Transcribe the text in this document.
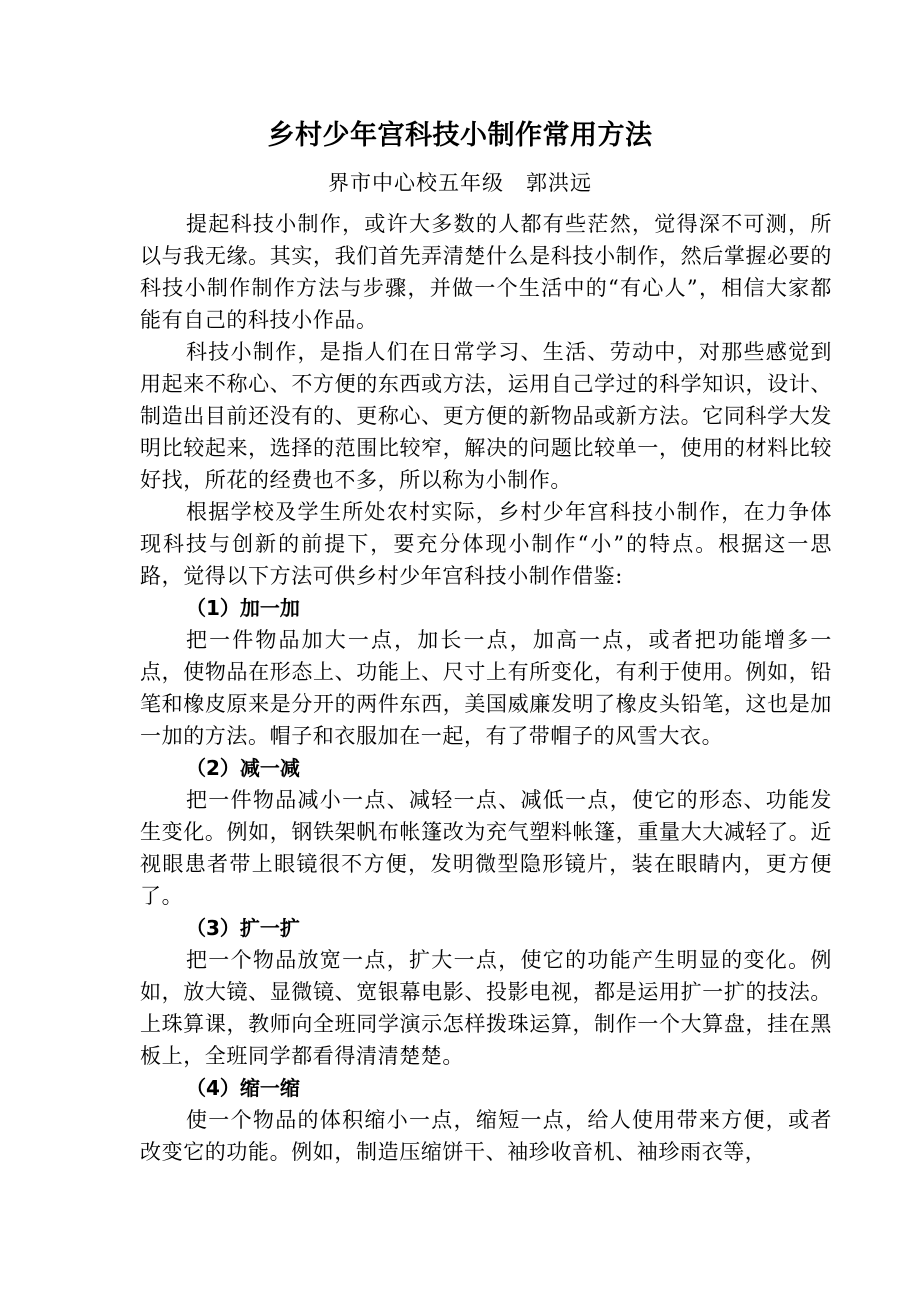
乡村少年宫科技小制作常用方法
界市中心校五年级　郭洪远

提起科技小制作，或许大多数的人都有些茫然，觉得深不可测，所以与我无缘。其实，我们首先弄清楚什么是科技小制作，然后掌握必要的科技小制作制作方法与步骤，并做一个生活中的“有心人”，相信大家都能有自己的科技小作品。

科技小制作，是指人们在日常学习、生活、劳动中，对那些感觉到用起来不称心、不方便的东西或方法，运用自己学过的科学知识，设计、制造出目前还没有的、更称心、更方便的新物品或新方法。它同科学大发明比较起来，选择的范围比较窄，解决的问题比较单一，使用的材料比较好找，所花的经费也不多，所以称为小制作。

根据学校及学生所处农村实际，乡村少年宫科技小制作，在力争体现科技与创新的前提下，要充分体现小制作“小”的特点。根据这一思路，觉得以下方法可供乡村少年宫科技小制作借鉴:

（1）加一加

把一件物品加大一点，加长一点，加高一点，或者把功能增多一点，使物品在形态上、功能上、尺寸上有所变化，有利于使用。例如，铅笔和橡皮原来是分开的两件东西，美国威廉发明了橡皮头铅笔，这也是加一加的方法。帽子和衣服加在一起，有了带帽子的风雪大衣。

（2）减一减

把一件物品减小一点、减轻一点、减低一点，使它的形态、功能发生变化。例如，钢铁架帆布帐篷改为充气塑料帐篷，重量大大减轻了。近视眼患者带上眼镜很不方便，发明微型隐形镜片，装在眼睛内，更方便了。

（3）扩一扩

把一个物品放宽一点，扩大一点，使它的功能产生明显的变化。例如，放大镜、显微镜、宽银幕电影、投影电视，都是运用扩一扩的技法。上珠算课，教师向全班同学演示怎样拨珠运算，制作一个大算盘，挂在黑板上，全班同学都看得清清楚楚。

（4）缩一缩

使一个物品的体积缩小一点，缩短一点，给人使用带来方便，或者改变它的功能。例如，制造压缩饼干、袖珍收音机、袖珍雨衣等，
